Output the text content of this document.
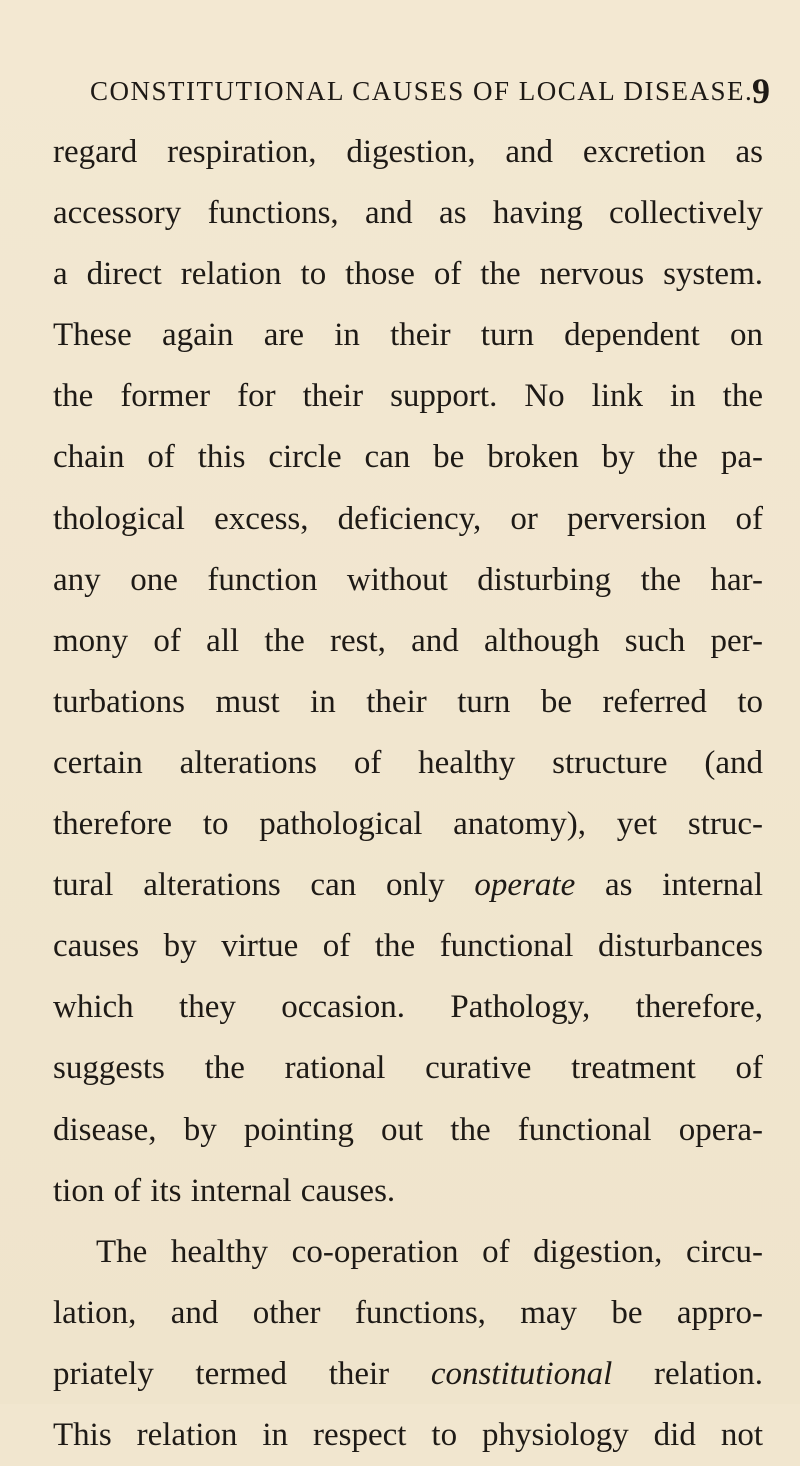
CONSTITUTIONAL CAUSES OF LOCAL DISEASE.
9
regard respiration, digestion, and excretion as
accessory functions, and as having collectively
a direct relation to those of the nervous system.
These again are in their turn dependent on
the former for their support. No link in the
chain of this circle can be broken by the pa-
thological excess, deficiency, or perversion of
any one function without disturbing the har-
mony of all the rest, and although such per-
turbations must in their turn be referred to
certain alterations of healthy structure (and
therefore to pathological anatomy), yet struc-
tural alterations can only operate as internal
causes by virtue of the functional disturbances
which they occasion. Pathology, therefore,
suggests the rational curative treatment of
disease, by pointing out the functional opera-
tion of its internal causes.
The healthy co-operation of digestion, circu-
lation, and other functions, may be appro-
priately termed their constitutional relation.
This relation in respect to physiology did not
